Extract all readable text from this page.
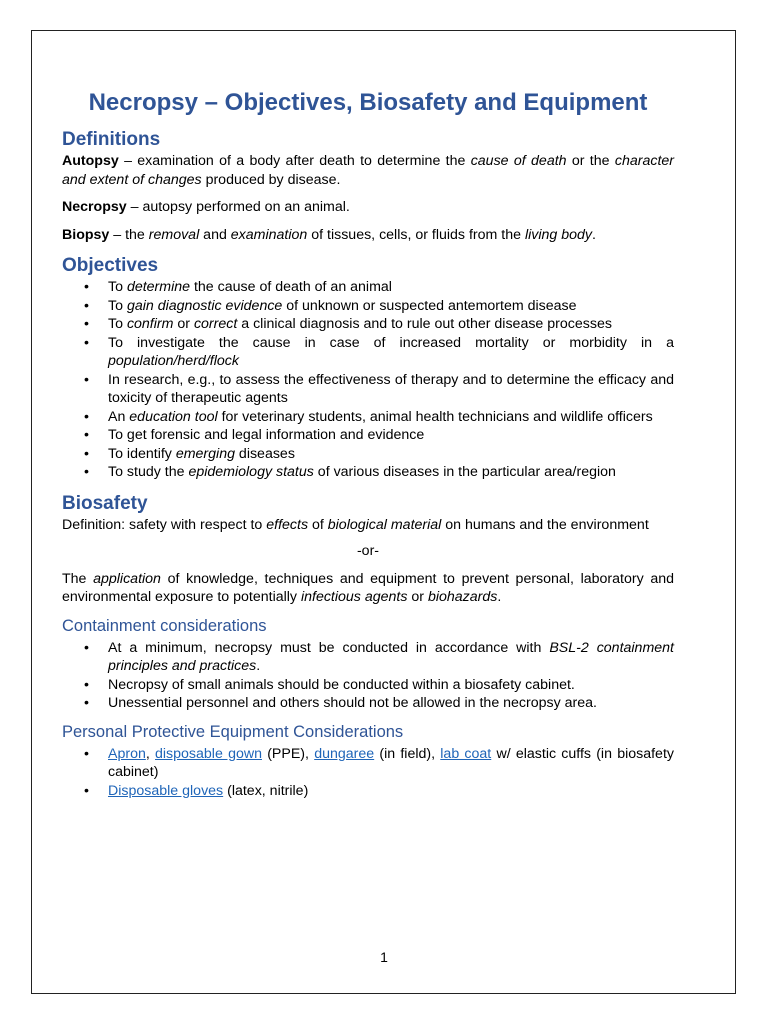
Necropsy – Objectives, Biosafety and Equipment
Definitions

Autopsy – examination of a body after death to determine the cause of death or the character and extent of changes produced by disease.

Necropsy – autopsy performed on an animal.

Biopsy – the removal and examination of tissues, cells, or fluids from the living body.

Objectives
• To determine the cause of death of an animal
• To gain diagnostic evidence of unknown or suspected antemortem disease
• To confirm or correct a clinical diagnosis and to rule out other disease processes
• To investigate the cause in case of increased mortality or morbidity in a population/herd/flock
• In research, e.g., to assess the effectiveness of therapy and to determine the efficacy and toxicity of therapeutic agents
• An education tool for veterinary students, animal health technicians and wildlife officers
• To get forensic and legal information and evidence
• To identify emerging diseases
• To study the epidemiology status of various diseases in the particular area/region
Biosafety

Definition: safety with respect to effects of biological material on humans and the environment

-or-

The application of knowledge, techniques and equipment to prevent personal, laboratory and environmental exposure to potentially infectious agents or biohazards.

Containment considerations
• At a minimum, necropsy must be conducted in accordance with BSL-2 containment principles and practices.
• Necropsy of small animals should be conducted within a biosafety cabinet.
• Unessential personnel and others should not be allowed in the necropsy area.
Personal Protective Equipment Considerations
• Apron, disposable gown (PPE), dungaree (in field), lab coat w/ elastic cuffs (in biosafety cabinet)
• Disposable gloves (latex, nitrile)
1
